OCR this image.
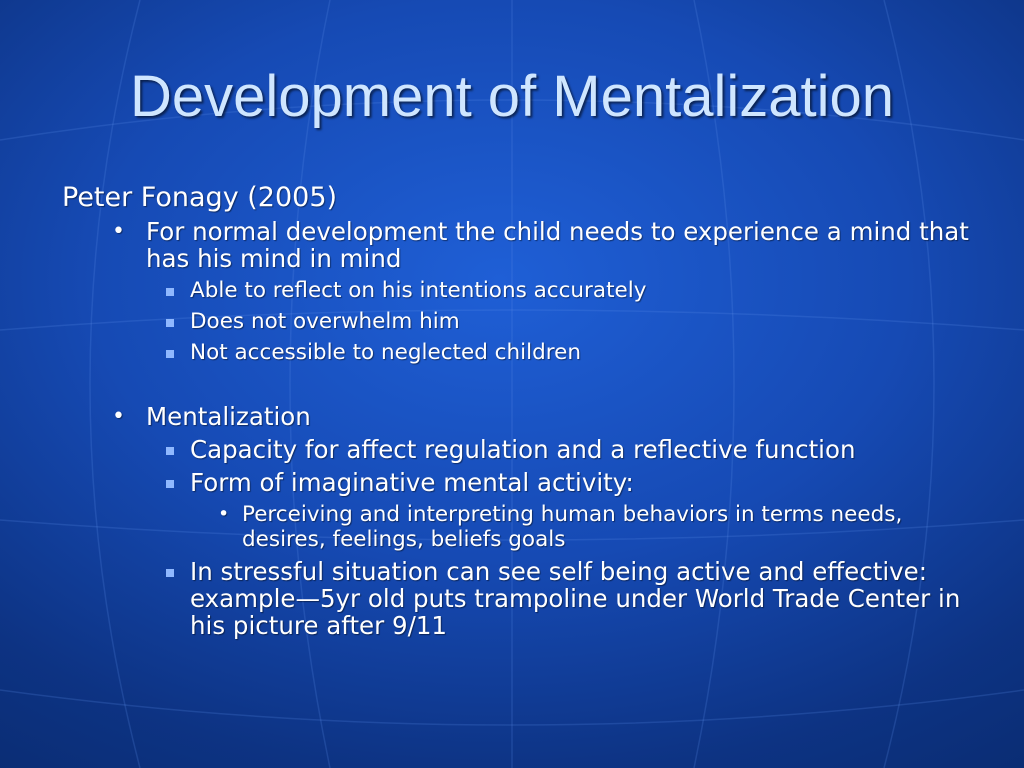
Development of Mentalization
Peter Fonagy (2005)
• For normal development the child needs to experience a mind that has his mind in mind
Able to reflect on his intentions accurately
Does not overwhelm him
Not accessible to neglected children
• Mentalization
Capacity for affect regulation and a reflective function
Form of imaginative mental activity:
• Perceiving and interpreting human behaviors in terms needs, desires, feelings, beliefs goals
In stressful situation can see self being active and effective: example—5yr old puts trampoline under World Trade Center in his picture after 9/11
